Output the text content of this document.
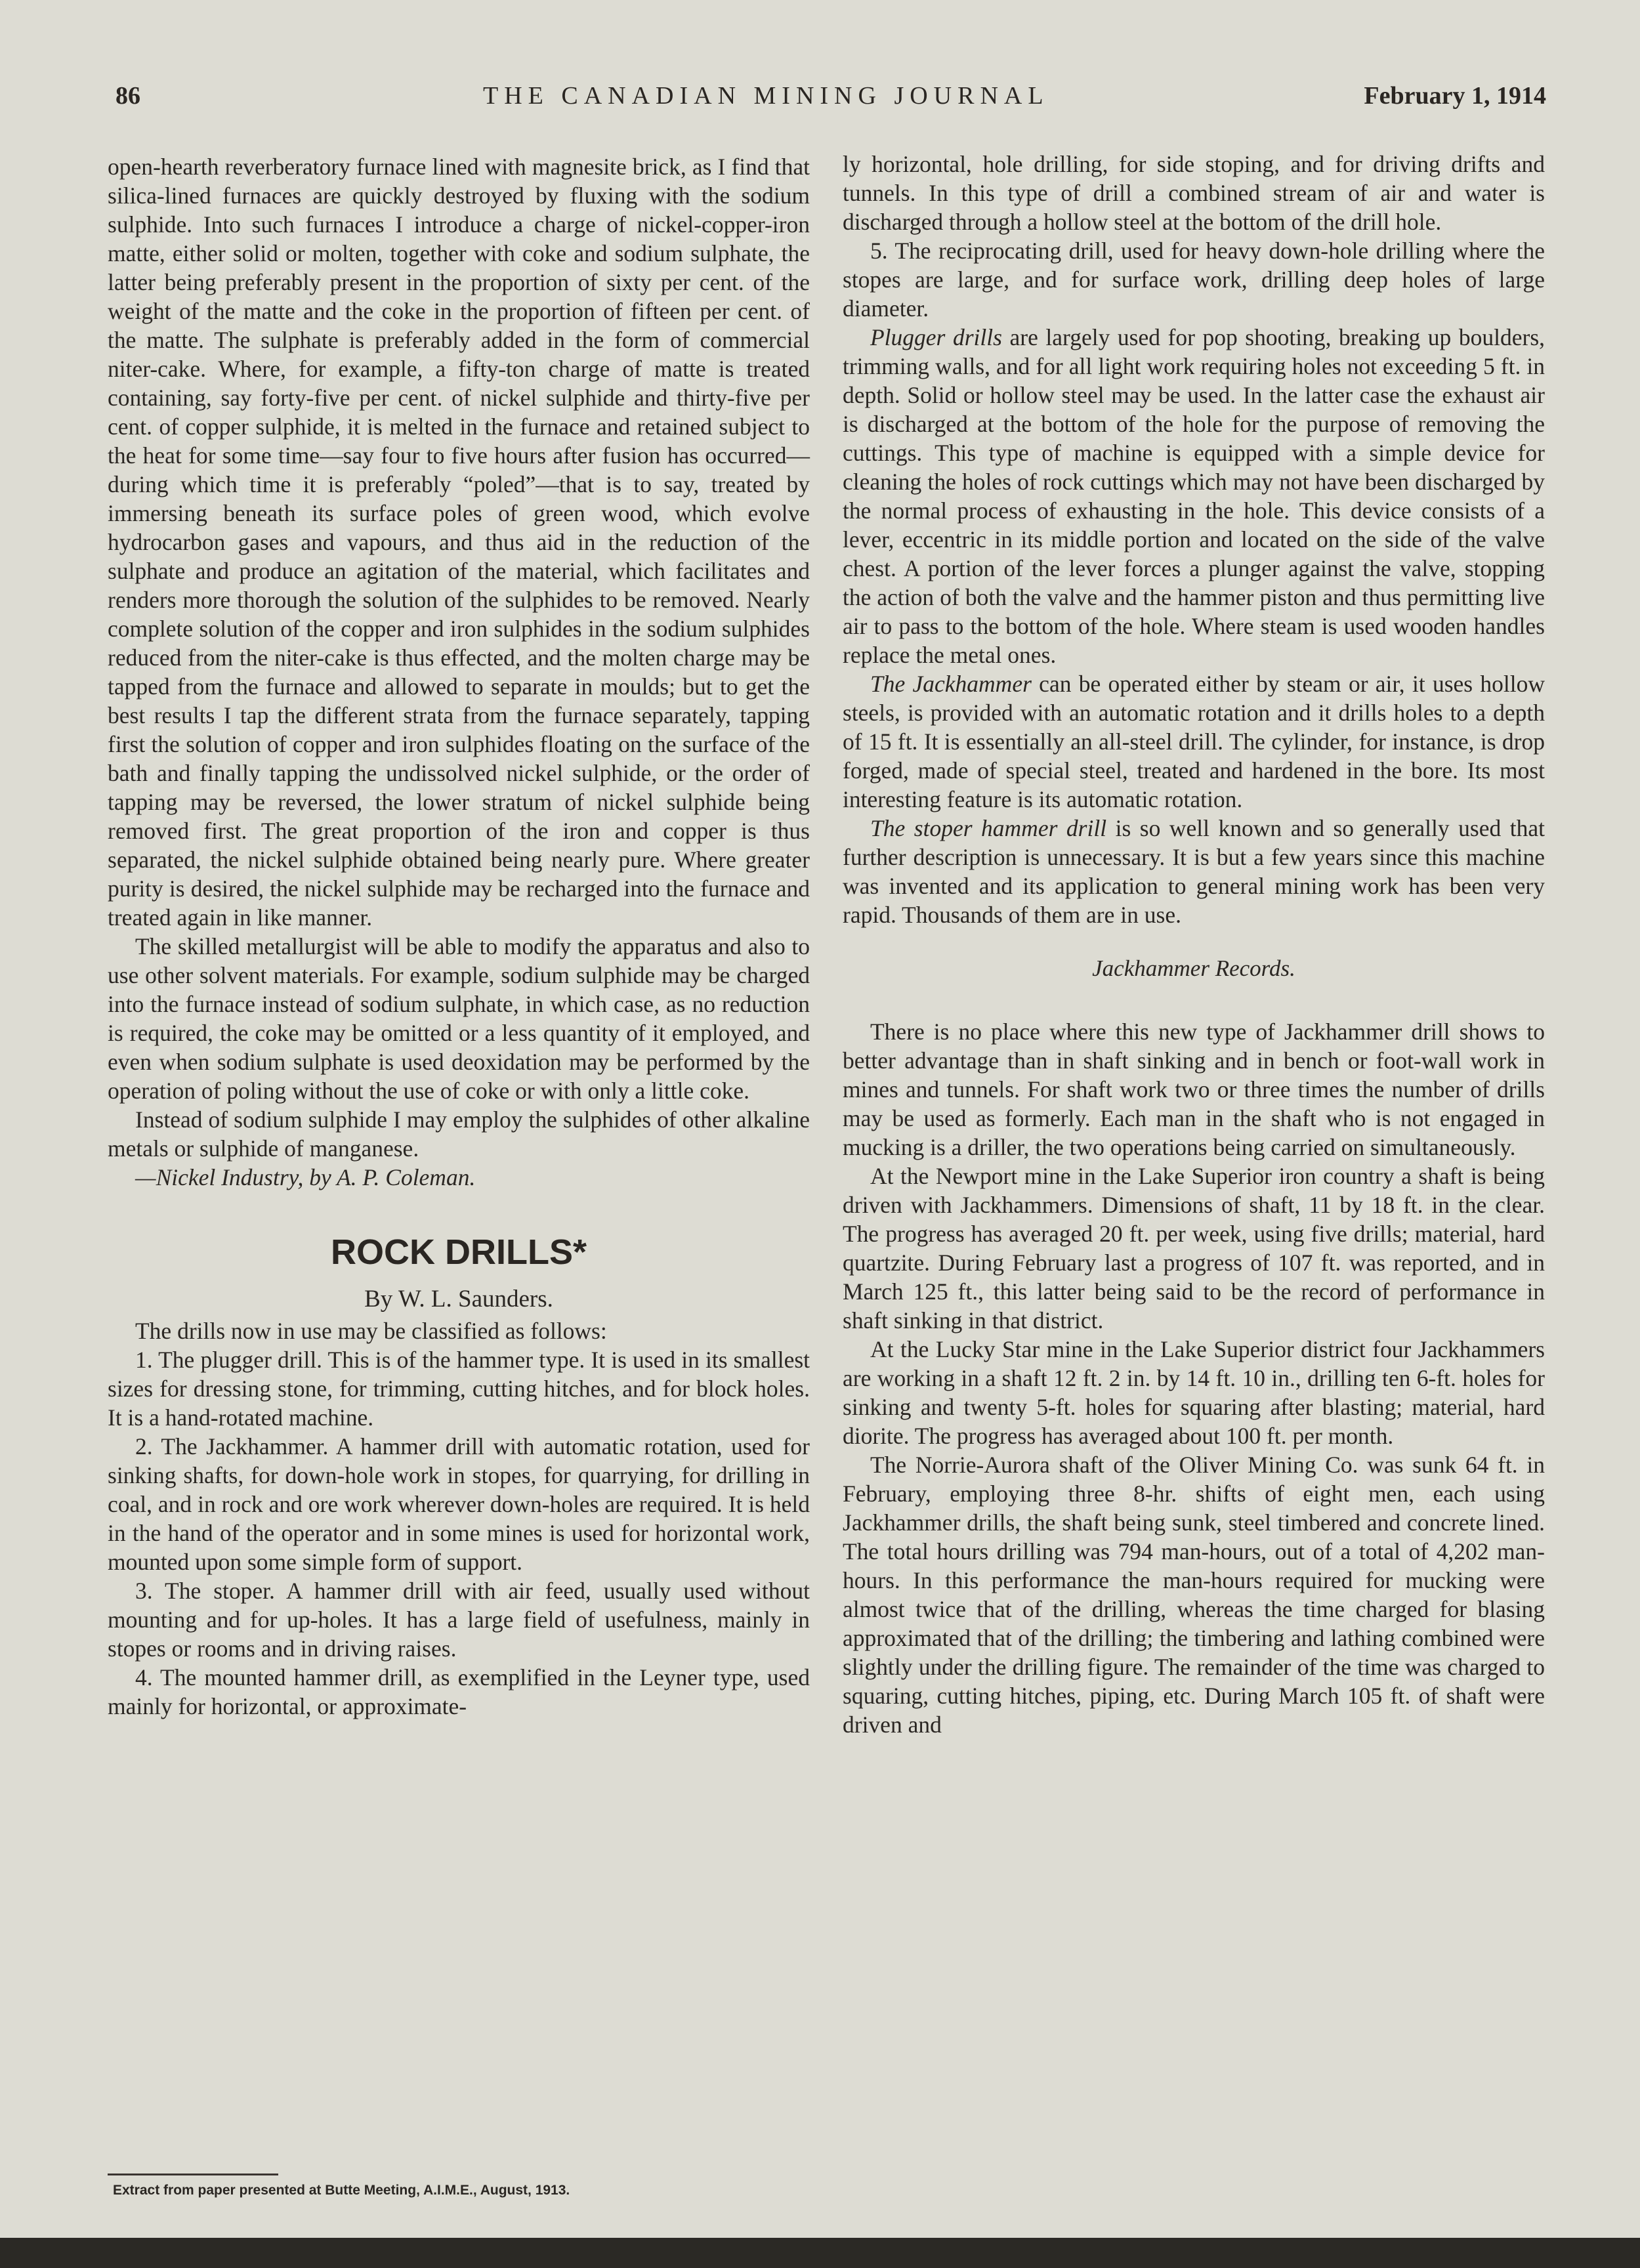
86	THE CANADIAN MINING JOURNAL	February 1, 1914

open-hearth reverberatory furnace lined with magnesite brick, as I find that silica-lined furnaces are quickly destroyed by fluxing with the sodium sulphide. Into such furnaces I introduce a charge of nickel-copper-iron matte, either solid or molten, together with coke and sodium sulphate, the latter being preferably present in the proportion of sixty per cent. of the weight of the matte and the coke in the proportion of fifteen per cent. of the matte. The sulphate is preferably added in the form of commercial niter-cake. Where, for example, a fifty-ton charge of matte is treated containing, say forty-five per cent. of nickel sulphide and thirty-five per cent. of copper sulphide, it is melted in the furnace and retained subject to the heat for some time—say four to five hours after fusion has occurred—during which time it is preferably “poled”—that is to say, treated by immersing beneath its surface poles of green wood, which evolve hydrocarbon gases and vapours, and thus aid in the reduction of the sulphate and produce an agitation of the material, which facilitates and renders more thorough the solution of the sulphides to be removed. Nearly complete solution of the copper and iron sulphides in the sodium sulphides reduced from the niter-cake is thus effected, and the molten charge may be tapped from the furnace and allowed to separate in moulds; but to get the best results I tap the different strata from the furnace separately, tapping first the solution of copper and iron sulphides floating on the surface of the bath and finally tapping the undissolved nickel sulphide, or the order of tapping may be reversed, the lower stratum of nickel sulphide being removed first. The great proportion of the iron and copper is thus separated, the nickel sulphide obtained being nearly pure. Where greater purity is desired, the nickel sulphide may be recharged into the furnace and treated again in like manner.

The skilled metallurgist will be able to modify the apparatus and also to use other solvent materials. For example, sodium sulphide may be charged into the furnace instead of sodium sulphate, in which case, as no reduction is required, the coke may be omitted or a less quantity of it employed, and even when sodium sulphate is used deoxidation may be performed by the operation of poling without the use of coke or with only a little coke.

Instead of sodium sulphide I may employ the sulphides of other alkaline metals or sulphide of manganese.

—Nickel Industry, by A. P. Coleman.

ROCK DRILLS*
By W. L. Saunders.

The drills now in use may be classified as follows:

1. The plugger drill. This is of the hammer type. It is used in its smallest sizes for dressing stone, for trimming, cutting hitches, and for block holes. It is a hand-rotated machine.

2. The Jackhammer. A hammer drill with automatic rotation, used for sinking shafts, for down-hole work in stopes, for quarrying, for drilling in coal, and in rock and ore work wherever down-holes are required. It is held in the hand of the operator and in some mines is used for horizontal work, mounted upon some simple form of support.

3. The stoper. A hammer drill with air feed, usually used without mounting and for up-holes. It has a large field of usefulness, mainly in stopes or rooms and in driving raises.

4. The mounted hammer drill, as exemplified in the Leyner type, used mainly for horizontal, or approximate-

ly horizontal, hole drilling, for side stoping, and for driving drifts and tunnels. In this type of drill a combined stream of air and water is discharged through a hollow steel at the bottom of the drill hole.

5. The reciprocating drill, used for heavy down-hole drilling where the stopes are large, and for surface work, drilling deep holes of large diameter.

Plugger drills are largely used for pop shooting, breaking up boulders, trimming walls, and for all light work requiring holes not exceeding 5 ft. in depth. Solid or hollow steel may be used. In the latter case the exhaust air is discharged at the bottom of the hole for the purpose of removing the cuttings. This type of machine is equipped with a simple device for cleaning the holes of rock cuttings which may not have been discharged by the normal process of exhausting in the hole. This device consists of a lever, eccentric in its middle portion and located on the side of the valve chest. A portion of the lever forces a plunger against the valve, stopping the action of both the valve and the hammer piston and thus permitting live air to pass to the bottom of the hole. Where steam is used wooden handles replace the metal ones.

The Jackhammer can be operated either by steam or air, it uses hollow steels, is provided with an automatic rotation and it drills holes to a depth of 15 ft. It is essentially an all-steel drill. The cylinder, for instance, is drop forged, made of special steel, treated and hardened in the bore. Its most interesting feature is its automatic rotation.

The stoper hammer drill is so well known and so generally used that further description is unnecessary. It is but a few years since this machine was invented and its application to general mining work has been very rapid. Thousands of them are in use.

Jackhammer Records.

There is no place where this new type of Jackhammer drill shows to better advantage than in shaft sinking and in bench or foot-wall work in mines and tunnels. For shaft work two or three times the number of drills may be used as formerly. Each man in the shaft who is not engaged in mucking is a driller, the two operations being carried on simultaneously.

At the Newport mine in the Lake Superior iron country a shaft is being driven with Jackhammers. Dimensions of shaft, 11 by 18 ft. in the clear. The progress has averaged 20 ft. per week, using five drills; material, hard quartzite. During February last a progress of 107 ft. was reported, and in March 125 ft., this latter being said to be the record of performance in shaft sinking in that district.

At the Lucky Star mine in the Lake Superior district four Jackhammers are working in a shaft 12 ft. 2 in. by 14 ft. 10 in., drilling ten 6-ft. holes for sinking and twenty 5-ft. holes for squaring after blasting; material, hard diorite. The progress has averaged about 100 ft. per month.

The Norrie-Aurora shaft of the Oliver Mining Co. was sunk 64 ft. in February, employing three 8-hr. shifts of eight men, each using Jackhammer drills, the shaft being sunk, steel timbered and concrete lined. The total hours drilling was 794 man-hours, out of a total of 4,202 man-hours. In this performance the man-hours required for mucking were almost twice that of the drilling, whereas the time charged for blasing approximated that of the drilling; the timbering and lathing combined were slightly under the drilling figure. The remainder of the time was charged to squaring, cutting hitches, piping, etc. During March 105 ft. of shaft were driven and

Extract from paper presented at Butte Meeting, A.I.M.E., August, 1913.
